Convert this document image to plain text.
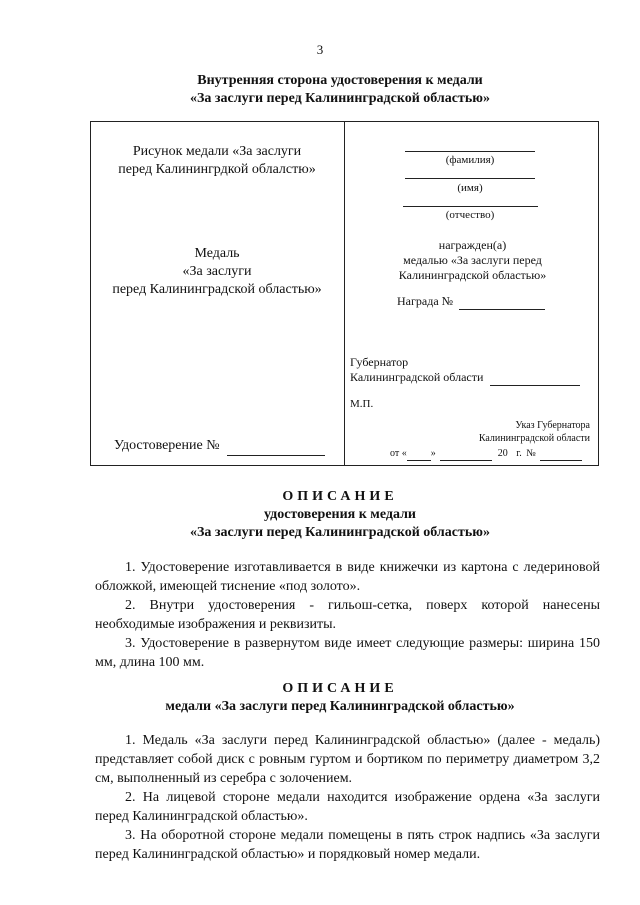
3
Внутренняя сторона удостоверения к медали
«За заслуги перед Калининградской областью»
Рисунок медали «За заслуги
перед Калинингрдкой облалстю»
Медаль
«За заслуги
перед Калининградской областью»
Удостоверение №
(фамилия)
(имя)
(отчество)
награжден(а)
медалью «За заслуги перед
Калининградской областью»
Награда №
Губернатор
Калининградской области
М.П.
Указ Губернатора
Калининградской области
от « »	20 г. №
ОПИСАНИЕ
удостоверения к медали
«За заслуги перед Калининградской областью»

1. Удостоверение изготавливается в виде книжечки из картона с ледериновой обложкой, имеющей тиснение «под золото».

2. Внутри удостоверения - гильош-сетка, поверх которой нанесены необходимые изображения и реквизиты.

3. Удостоверение в развернутом виде имеет следующие размеры: ширина 150 мм, длина 100 мм.

ОПИСАНИЕ
медали «За заслуги перед Калининградской областью»

1. Медаль «За заслуги перед Калининградской областью» (далее - медаль) представляет собой диск с ровным гуртом и бортиком по периметру диаметром 3,2 см, выполненный из серебра с золочением.

2. На лицевой стороне медали находится изображение ордена «За заслуги перед Калининградской областью».

3. На оборотной стороне медали помещены в пять строк надпись «За заслуги перед Калининградской областью» и порядковый номер медали.
